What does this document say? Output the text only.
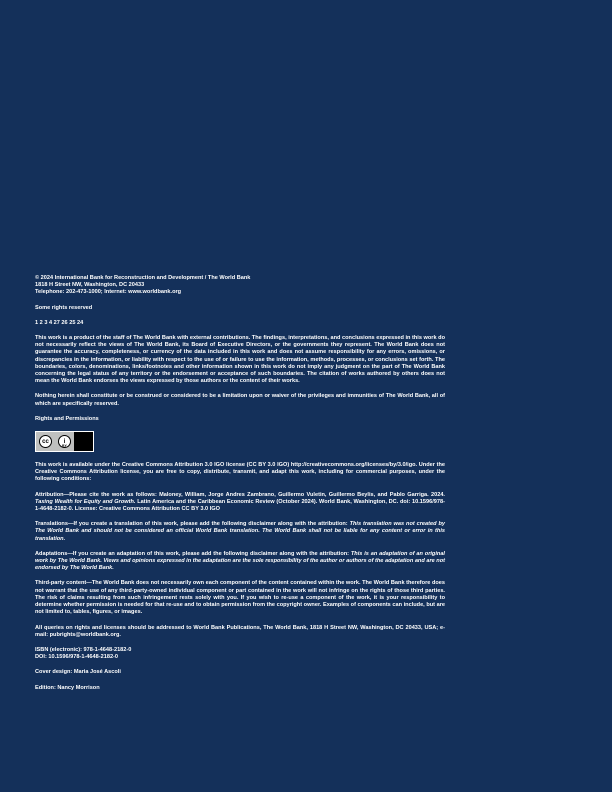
© 2024 International Bank for Reconstruction and Development / The World Bank

1818 H Street NW, Washington, DC 20433

Telephone: 202-473-1000; Internet: www.worldbank.org

Some rights reserved

1 2 3 4 27 26 25 24

This work is a product of the staff of The World Bank with external contributions. The findings, interpretations, and conclusions expressed in this work do not necessarily reflect the views of The World Bank, its Board of Executive Directors, or the governments they represent. The World Bank does not guarantee the accuracy, completeness, or currency of the data included in this work and does not assume responsibility for any errors, omissions, or discrepancies in the information, or liability with respect to the use of or failure to use the information, methods, processes, or conclusions set forth. The boundaries, colors, denominations, links/footnotes and other information shown in this work do not imply any judgment on the part of The World Bank concerning the legal status of any territory or the endorsement or acceptance of such boundaries. The citation of works authored by others does not mean the World Bank endorses the views expressed by those authors or the content of their works.

Nothing herein shall constitute or be construed or considered to be a limitation upon or waiver of the privileges and immunities of The World Bank, all of which are specifically reserved.

Rights and Permissions

cc	i
BY

This work is available under the Creative Commons Attribution 3.0 IGO license (CC BY 3.0 IGO) http://creativecommons.org/licenses/by/3.0/igo. Under the Creative Commons Attribution license, you are free to copy, distribute, transmit, and adapt this work, including for commercial purposes, under the following conditions:

Attribution—Please cite the work as follows: Maloney, William, Jorge Andres Zambrano, Guillermo Vuletin, Guillermo Beylis, and Pablo Garriga. 2024. Taxing Wealth for Equity and Growth. Latin America and the Caribbean Economic Review (October 2024). World Bank, Washington, DC. doi: 10.1596/978-1-4648-2182-0. License: Creative Commons Attribution CC BY 3.0 IGO

Translations—If you create a translation of this work, please add the following disclaimer along with the attribution: This translation was not created by The World Bank and should not be considered an official World Bank translation. The World Bank shall not be liable for any content or error in this translation.

Adaptations—If you create an adaptation of this work, please add the following disclaimer along with the attribution: This is an adaptation of an original work by The World Bank. Views and opinions expressed in the adaptation are the sole responsibility of the author or authors of the adaptation and are not endorsed by The World Bank.

Third-party content—The World Bank does not necessarily own each component of the content contained within the work. The World Bank therefore does not warrant that the use of any third-party-owned individual component or part contained in the work will not infringe on the rights of those third parties. The risk of claims resulting from such infringement rests solely with you. If you wish to re-use a component of the work, it is your responsibility to determine whether permission is needed for that re-use and to obtain permission from the copyright owner. Examples of components can include, but are not limited to, tables, figures, or images.

All queries on rights and licenses should be addressed to World Bank Publications, The World Bank, 1818 H Street NW, Washington, DC 20433, USA; e-mail: pubrights@worldbank.org.

ISBN (electronic): 978-1-4648-2182-0

DOI: 10.1596/978-1-4648-2182-0

Cover design: Maria José Ascoli

Edition: Nancy Morrison
